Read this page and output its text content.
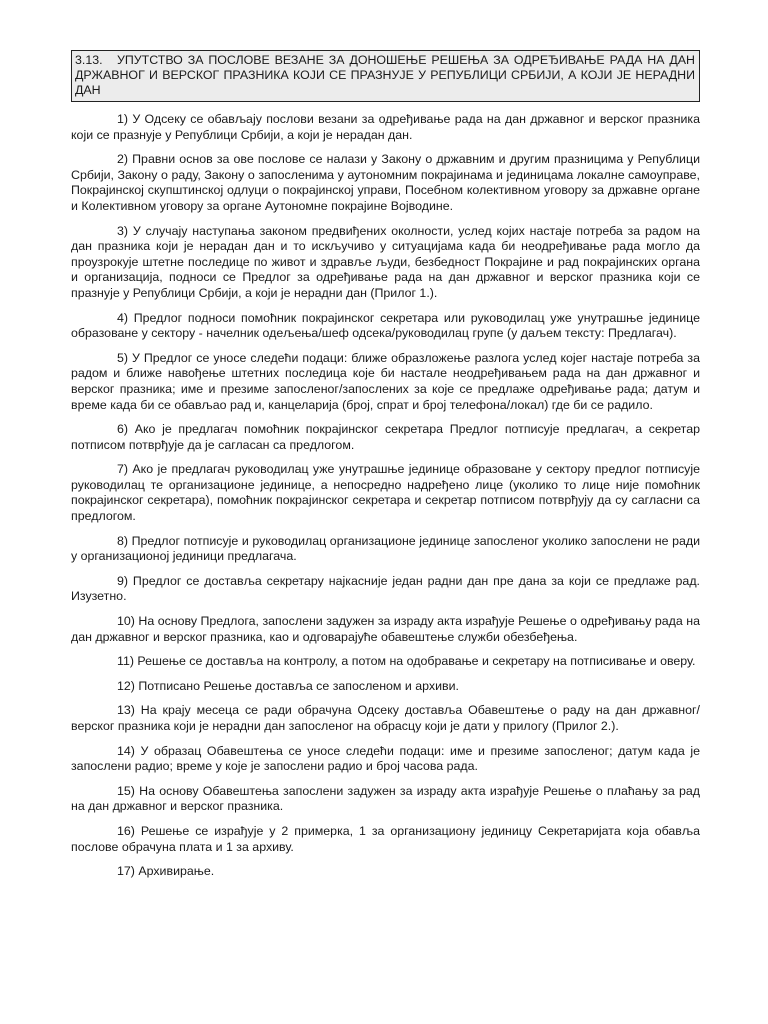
3.13. УПУТСТВО ЗА ПОСЛОВЕ ВЕЗАНЕ ЗА ДОНОШЕЊЕ РЕШЕЊА ЗА ОДРЕЂИВАЊЕ РАДА НА ДАН ДРЖАВНОГ И ВЕРСКОГ ПРАЗНИКА КОЈИ СЕ ПРАЗНУЈЕ У РЕПУБЛИЦИ СРБИЈИ, А КОЈИ ЈЕ НЕРАДНИ ДАН

1) У Одсеку се обављају послови везани за одређивање рада на дан државног и верског празника који се празнује у Републици Србији, а који је нерадан дан.

2) Правни основ за ове послове се налази у Закону о државним и другим празницима у Републици Србији, Закону о раду, Закону о запосленима у аутономним покрајинама и јединицама локалне самоуправе, Покрајинској скупштинској одлуци о покрајинској управи, Посебном колективном уговору за државне органе и Колективном уговору за органе Аутономне покрајине Војводине.

3) У случају наступања законом предвиђених околности, услед којих настаје потреба за радом на дан празника који је нерадан дан и то искључиво у ситуацијама када би неодређивање рада могло да проузрокује штетне последице по живот и здравље људи, безбедност Покрајине и рад покрајинских органа и организација, подноси се Предлог за одређивање рада на дан државног и верског празника који се празнује у Републици Србији, а који је нерадни дан (Прилог 1.).

4) Предлог подноси помоћник покрајинског секретара или руководилац уже унутрашње јединице образоване у сектору - начелник одељења/шеф одсека/руководилац групе (у даљем тексту: Предлагач).

5) У Предлог се уносе следећи подаци: ближе образложење разлога услед којег настаје потреба за радом и ближе навођење штетних последица које би настале неодређивањем рада на дан државног и верског празника; име и презиме запосленог/запослених за које се предлаже одређивање рада; датум и време када би се обављао рад и, канцеларија (број, спрат и број телефона/локал) где би се радило.

6) Ако је предлагач помоћник покрајинског секретара Предлог потписује предлагач, а секретар потписом потврђује да је сагласан са предлогом.

7) Ако је предлагач руководилац уже унутрашње јединице образоване у сектору предлог потписује руководилац те организационе јединице, а непосредно надређено лице (уколико то лице није помоћник покрајинског секретара), помоћник покрајинског секретара и секретар потписом потврђују да су сагласни са предлогом.

8) Предлог потписује и руководилац организационе јединице запосленог уколико запослени не ради у организационој јединици предлагача.

9) Предлог се доставља секретару најкасније један радни дан пре дана за који се предлаже рад. Изузетно.

10) На основу Предлога, запослени задужен за израду акта израђује Решење о одређивању рада на дан државног и верског празника, као и одговарајуће обавештење служби обезбеђења.

11) Решење се доставља на контролу, а потом на одобравање и секретару на потписивање и оверу.

12) Потписано Решење доставља се запосленом и архиви.

13) На крају месеца се ради обрачуна Одсеку доставља Обавештење о раду на дан државног/верског празника који је нерадни дан запосленог на обрасцу који је дати у прилогу (Прилог 2.).

14) У образац Обавештења се уносе следећи подаци: име и презиме запосленог; датум када је запослени радио; време у које је запослени радио и број часова рада.

15) На основу Обавештења запослени задужен за израду акта израђује Решење о плаћању за рад на дан државног и верског празника.

16) Решење се израђује у 2 примерка, 1 за организациону јединицу Секретаријата која обавља послове обрачуна плата и 1 за архиву.

17) Архивирање.
